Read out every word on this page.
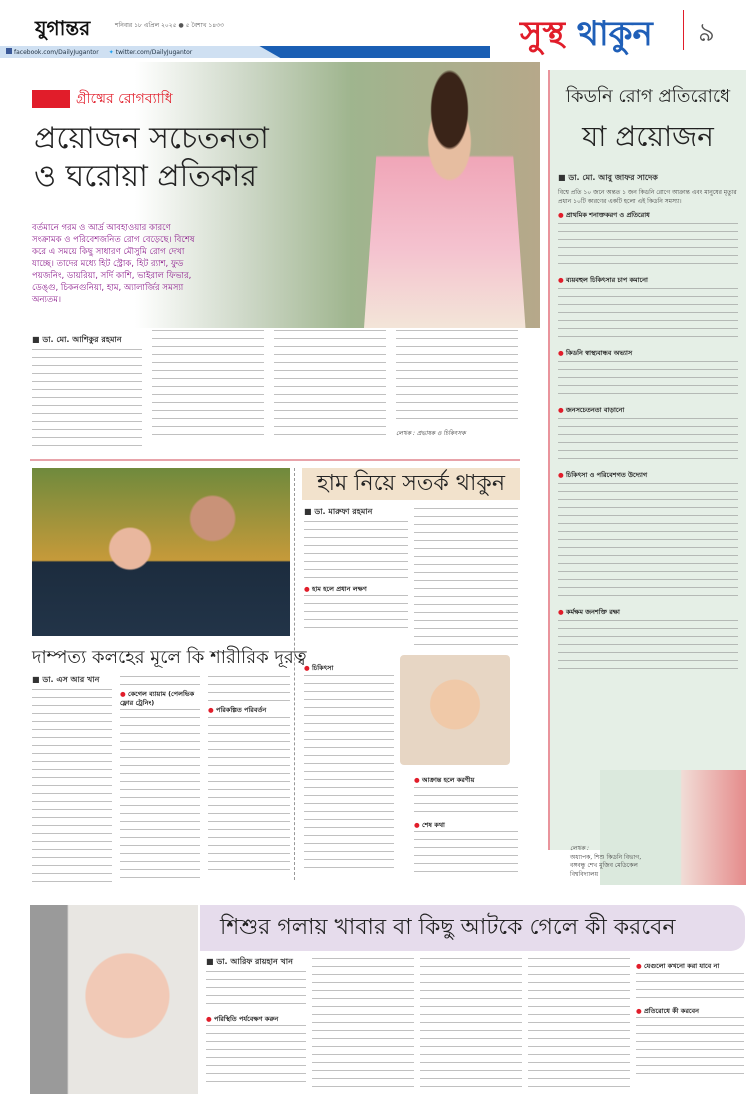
যুগান্তর	শনিবার ১৮ এপ্রিল ২০২৫ ● ৫ বৈশাখ ১৪৩৩
facebook.com/DailyJugantor ✦ twitter.com/DailyJugantor	সুস্থ থাকুন ৯
গ্রীষ্মের রোগব্যাধি
প্রয়োজন সচেতনতা
ও ঘরোয়া প্রতিকার
বর্তমানে গরম ও আর্দ্র আবহাওয়ার কারণে সংক্রামক ও পরিবেশজনিত রোগ বেড়েছে। বিশেষ করে এ সময়ে কিছু সাধারণ মৌসুমি রোগ দেখা যাচ্ছে। তাদের মধ্যে হিট স্ট্রোক, হিট র‍্যাশ, ফুড পয়জনিং, ডায়রিয়া, সর্দি কাশি, ভাইরাল ফিভার, ডেঙ্গু, চিকনগুনিয়া, হাম, অ্যালার্জির সমস্যা অন্যতম।
■ ডা. মো. আশিকুর রহমান
লেখক : প্রভাষক ও চিকিৎসক
কিডনি রোগ প্রতিরোধে
যা প্রয়োজন
■ ডা. মো. আবু জাফর সাদেক
বিশ্বে প্রতি ১০ জনে অন্তত ১ জন কিডনি রোগে আক্রান্ত এবং মানুষের মৃত্যুর প্রধান ১০টি কারণের একটি হলো এই কিডনি সমস্যা।
● প্রাথমিক শনাক্তকরণ ও প্রতিরোধ
● ব্যয়বহুল চিকিৎসার চাপ কমানো
● কিডনি স্বাস্থ্যবান্ধব অভ্যাস
● জনসচেতনতা বাড়ানো
● চিকিৎসা ও পরিবেশগত উদ্যোগ
● কর্মক্ষম জনশক্তি রক্ষা
লেখক :
অধ্যাপক, শিশু কিডনি বিভাগ, বঙ্গবন্ধু শেখ মুজিব মেডিকেল বিশ্ববিদ্যালয়
দাম্পত্য কলহের মূলে কি শারীরিক দূরত্ব
■ ডা. এস আর খান
● কেগেল ব্যায়াম (পেলভিক ফ্লোর ট্রেনিং)
● পরিকল্পিত পরিবর্তন
হাম নিয়ে সতর্ক থাকুন
■ ডা. মারুফা রহমান
● হাম হলে প্রধান লক্ষণ
● চিকিৎসা
● আক্রান্ত হলে করণীয়
● শেষ কথা
শিশুর গলায় খাবার বা কিছু আটকে গেলে কী করবেন
■ ডা. আরিফ রায়হান খান
● পরিস্থিতি পর্যবেক্ষণ করুন
● যেগুলো কখনো করা যাবে না
● প্রতিরোধে কী করবেন
